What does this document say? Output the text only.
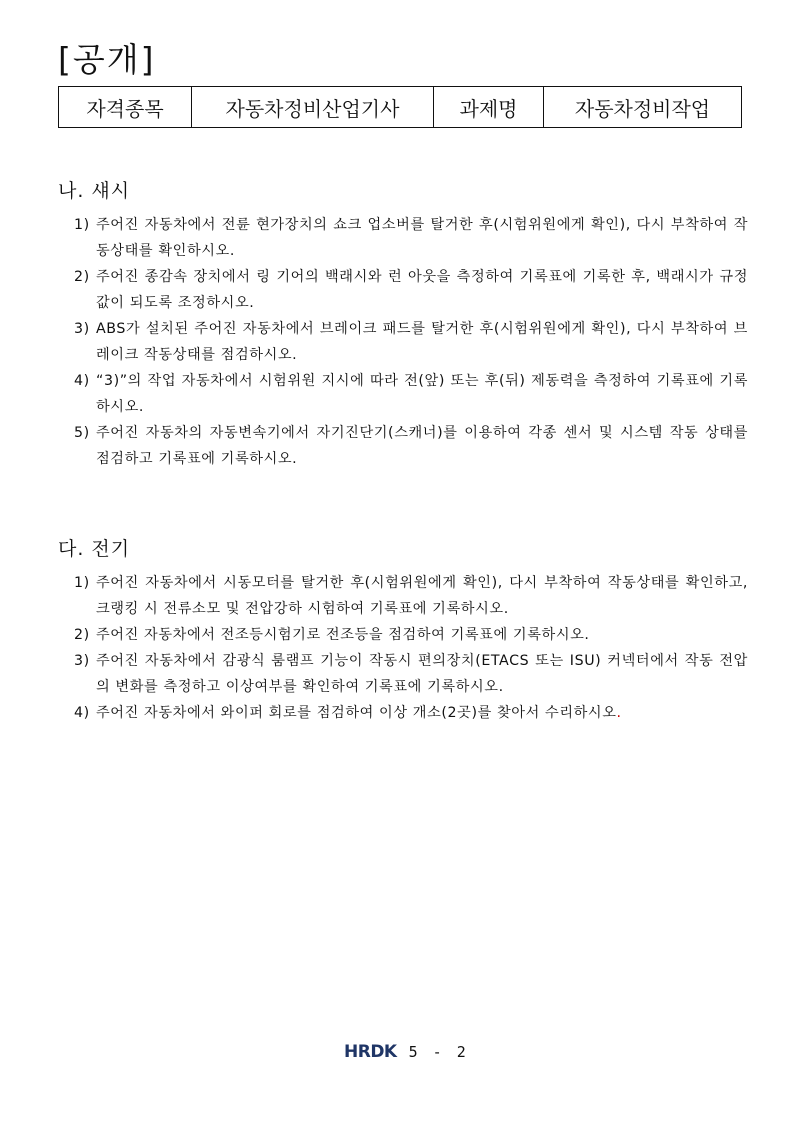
[공개]
자격종목	자동차정비산업기사	과제명	자동차정비작업
나. 섀시
1) 주어진 자동차에서 전륜 현가장치의 쇼크 업소버를 탈거한 후(시험위원에게 확인), 다시 부착하여 작동상태를 확인하시오.
2) 주어진 종감속 장치에서 링 기어의 백래시와 런 아웃을 측정하여 기록표에 기록한 후, 백래시가 규정값이 되도록 조정하시오.
3) ABS가 설치된 주어진 자동차에서 브레이크 패드를 탈거한 후(시험위원에게 확인), 다시 부착하여 브레이크 작동상태를 점검하시오.
4) “3)”의 작업 자동차에서 시험위원 지시에 따라 전(앞) 또는 후(뒤) 제동력을 측정하여 기록표에 기록하시오.
5) 주어진 자동차의 자동변속기에서 자기진단기(스캐너)를 이용하여 각종 센서 및 시스템 작동 상태를 점검하고 기록표에 기록하시오.
다. 전기
1) 주어진 자동차에서 시동모터를 탈거한 후(시험위원에게 확인), 다시 부착하여 작동상태를 확인하고, 크랭킹 시 전류소모 및 전압강하 시험하여 기록표에 기록하시오.
2) 주어진 자동차에서 전조등시험기로 전조등을 점검하여 기록표에 기록하시오.
3) 주어진 자동차에서 감광식 룸램프 기능이 작동시 편의장치(ETACS 또는 ISU) 커넥터에서 작동 전압의 변화를 측정하고 이상여부를 확인하여 기록표에 기록하시오.
4) 주어진 자동차에서 와이퍼 회로를 점검하여 이상 개소(2곳)를 찾아서 수리하시오.
HRDK 5 - 2
